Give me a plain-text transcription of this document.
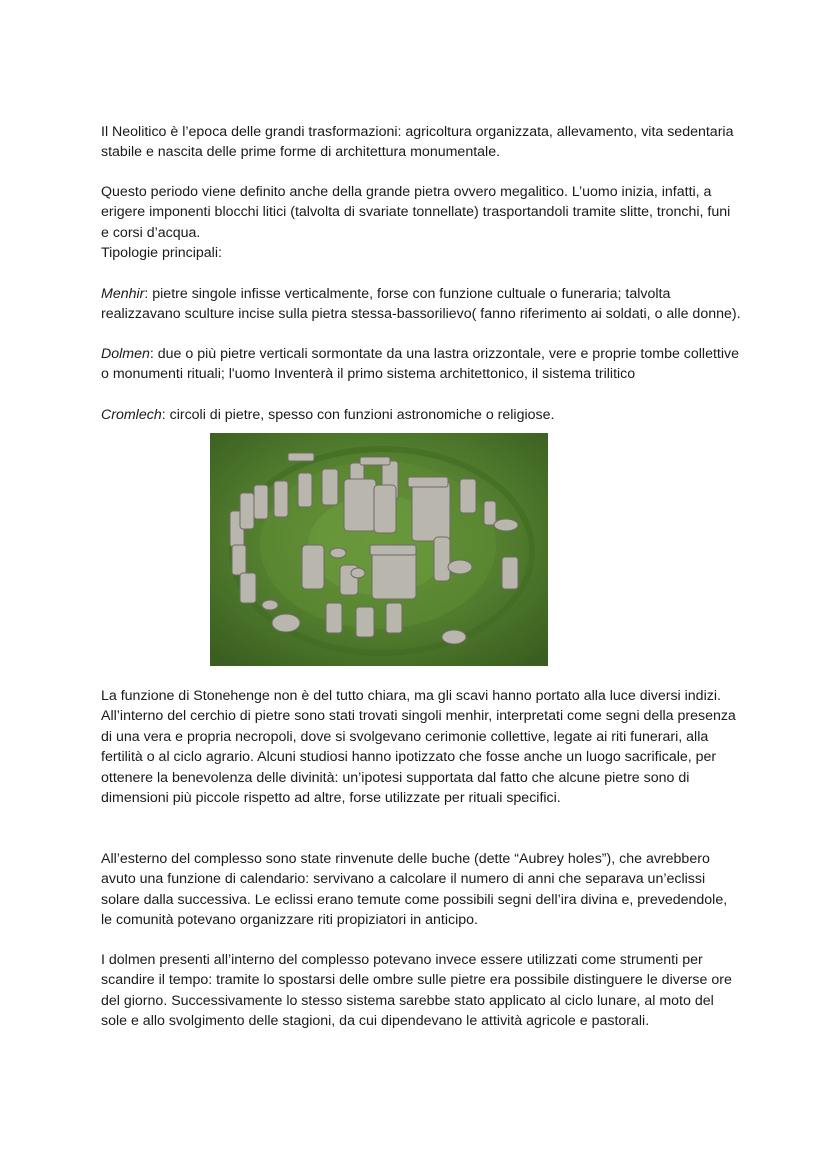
Il Neolitico è l’epoca delle grandi trasformazioni: agricoltura organizzata, allevamento, vita sedentaria stabile e nascita delle prime forme di architettura monumentale.

Questo periodo viene definito anche della grande pietra ovvero megalitico. L’uomo inizia, infatti, a erigere imponenti blocchi litici (talvolta di svariate tonnellate) trasportandoli tramite slitte, tronchi, funi e corsi d’acqua.

Tipologie principali:

Menhir: pietre singole infisse verticalmente, forse con funzione cultuale o funeraria; talvolta realizzavano sculture incise sulla pietra stessa-bassorilievo( fanno riferimento ai soldati, o alle donne).

Dolmen: due o più pietre verticali sormontate da una lastra orizzontale, vere e proprie tombe collettive o monumenti rituali; l'uomo Inventerà il primo sistema architettonico, il sistema trilitico

Cromlech: circoli di pietre, spesso con funzioni astronomiche o religiose.

La funzione di Stonehenge non è del tutto chiara, ma gli scavi hanno portato alla luce diversi indizi. All’interno del cerchio di pietre sono stati trovati singoli menhir, interpretati come segni della presenza di una vera e propria necropoli, dove si svolgevano cerimonie collettive, legate ai riti funerari, alla fertilità o al ciclo agrario. Alcuni studiosi hanno ipotizzato che fosse anche un luogo sacrificale, per ottenere la benevolenza delle divinità: un’ipotesi supportata dal fatto che alcune pietre sono di dimensioni più piccole rispetto ad altre, forse utilizzate per rituali specifici.

All’esterno del complesso sono state rinvenute delle buche (dette “Aubrey holes”), che avrebbero avuto una funzione di calendario: servivano a calcolare il numero di anni che separava un’eclissi solare dalla successiva. Le eclissi erano temute come possibili segni dell’ira divina e, prevedendole, le comunità potevano organizzare riti propiziatori in anticipo.

I dolmen presenti all’interno del complesso potevano invece essere utilizzati come strumenti per scandire il tempo: tramite lo spostarsi delle ombre sulle pietre era possibile distinguere le diverse ore del giorno. Successivamente lo stesso sistema sarebbe stato applicato al ciclo lunare, al moto del sole e allo svolgimento delle stagioni, da cui dipendevano le attività agricole e pastorali.
